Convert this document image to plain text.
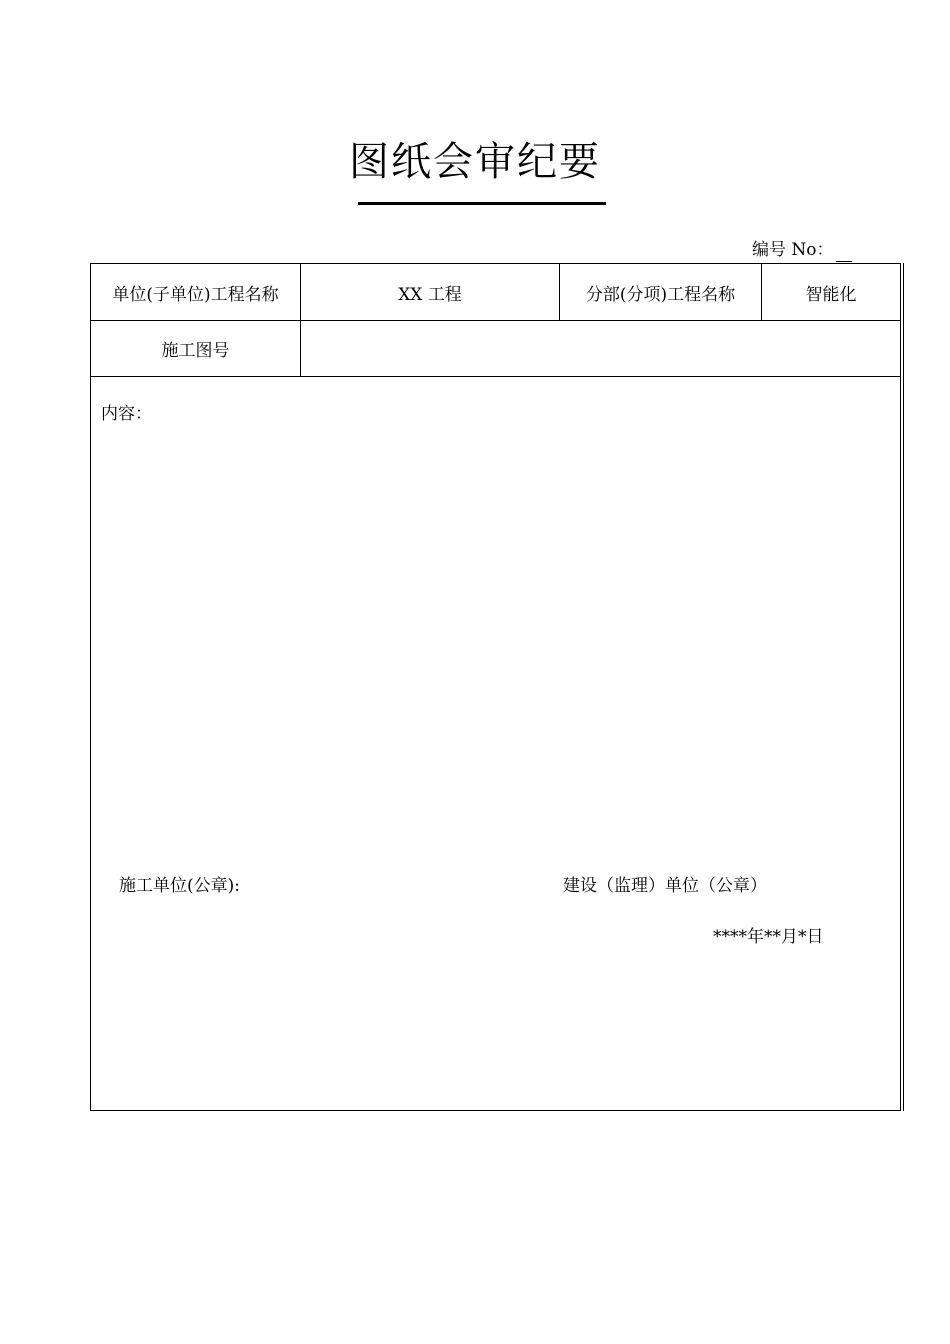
图纸会审纪要
编号 No：
单位(子单位)工程名称	XX 工程	分部(分项)工程名称	智能化
施工图号
内容：
施工单位(公章):	建设（监理）单位（公章）
****年**月*日
